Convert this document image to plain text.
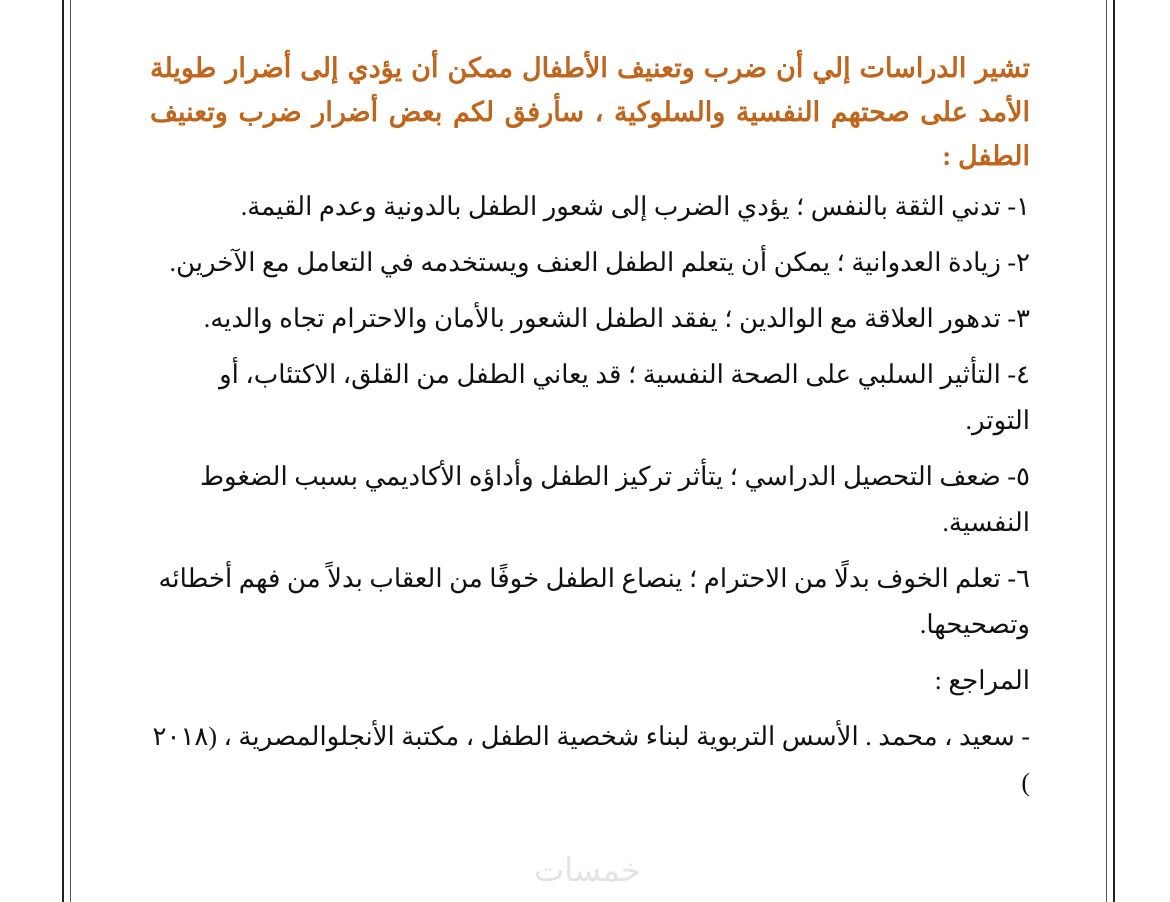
تشير الدراسات إلي أن ضرب وتعنيف الأطفال ممكن أن يؤدي إلى أضرار طويلة الأمد على صحتهم النفسية والسلوكية ، سأرفق لكم بعض أضرار ضرب وتعنيف الطفل :

١- تدني الثقة بالنفس ؛ يؤدي الضرب إلى شعور الطفل بالدونية وعدم القيمة.

٢- زيادة العدوانية ؛ يمكن أن يتعلم الطفل العنف ويستخدمه في التعامل مع الآخرين.

٣- تدهور العلاقة مع الوالدين ؛ يفقد الطفل الشعور بالأمان والاحترام تجاه والديه.

٤- التأثير السلبي على الصحة النفسية ؛ قد يعاني الطفل من القلق، الاكتئاب، أو التوتر.

٥- ضعف التحصيل الدراسي ؛ يتأثر تركيز الطفل وأداؤه الأكاديمي بسبب الضغوط النفسية.

٦- تعلم الخوف بدلًا من الاحترام ؛ ينصاع الطفل خوفًا من العقاب بدلاً من فهم أخطائه وتصحيحها.

المراجع :

- سعيد ، محمد . الأسس التربوية لبناء شخصية الطفل ، مكتبة الأنجلوالمصرية ، (٢٠١٨ )

خمسات
